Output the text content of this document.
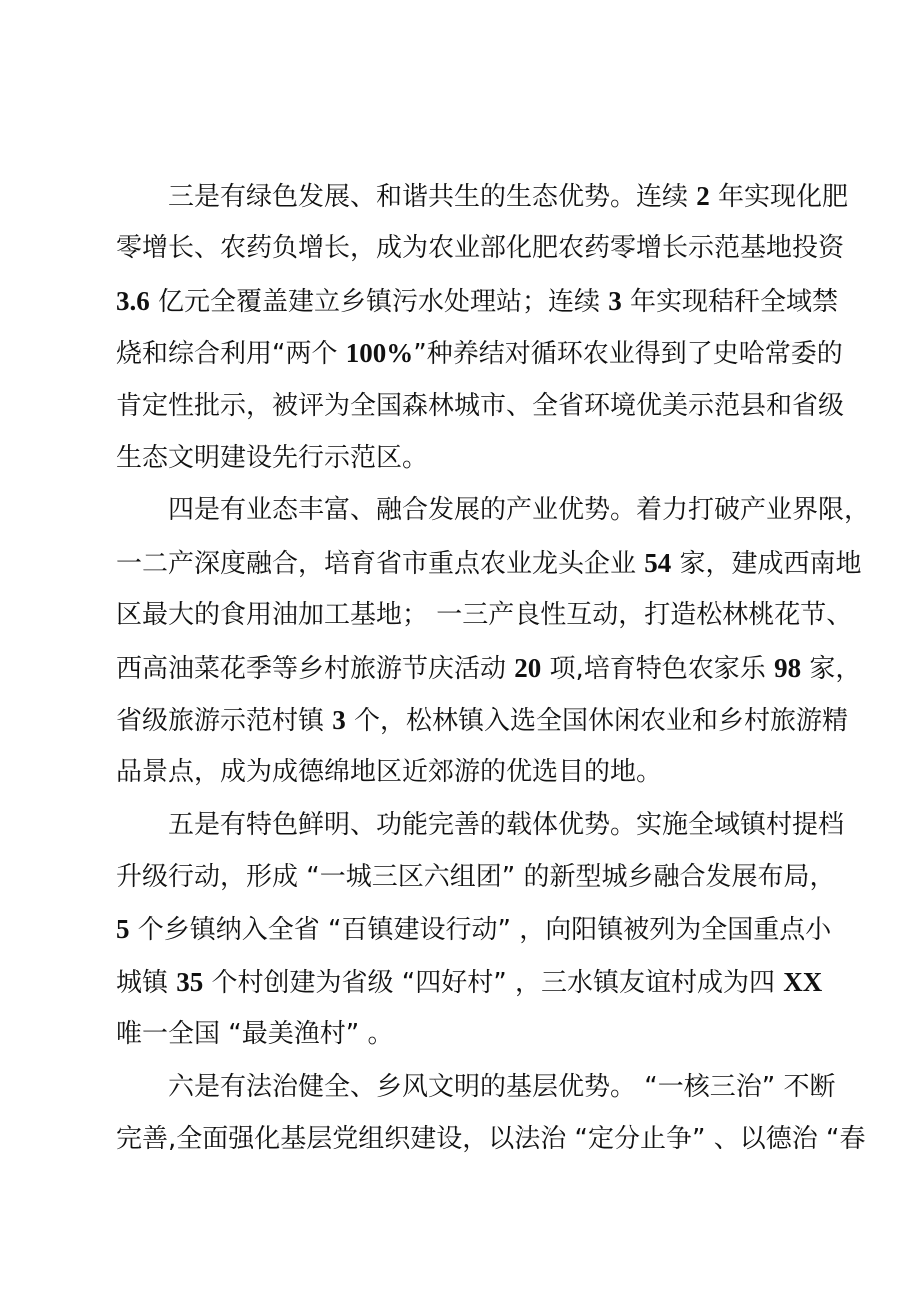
三是有绿色发展、和谐共生的生态优势。连续 2 年实现化肥
零增长、农药负增长，成为农业部化肥农药零增长示范基地投资
3.6 亿元全覆盖建立乡镇污水处理站；连续 3 年实现秸秆全域禁
烧和综合利用“两个 100%”种养结对循环农业得到了史哈常委的
肯定性批示，被评为全国森林城市、全省环境优美示范县和省级
生态文明建设先行示范区。
四是有业态丰富、融合发展的产业优势。着力打破产业界限，
一二产深度融合，培育省市重点农业龙头企业 54 家，建成西南地
区最大的食用油加工基地； 一三产良性互动，打造松林桃花节、
西高油菜花季等乡村旅游节庆活动 20 项,培育特色农家乐 98 家，
省级旅游示范村镇 3 个，松林镇入选全国休闲农业和乡村旅游精
品景点，成为成德绵地区近郊游的优选目的地。
五是有特色鲜明、功能完善的载体优势。实施全域镇村提档
升级行动，形成 “一城三区六组团” 的新型城乡融合发展布局，
5 个乡镇纳入全省 “百镇建设行动” ，向阳镇被列为全国重点小
城镇 35 个村创建为省级 “四好村” ，三水镇友谊村成为四 XX
唯一全国 “最美渔村” 。
六是有法治健全、乡风文明的基层优势。 “一核三治” 不断
完善,全面强化基层党组织建设，以法治 “定分止争” 、以德治 “春
